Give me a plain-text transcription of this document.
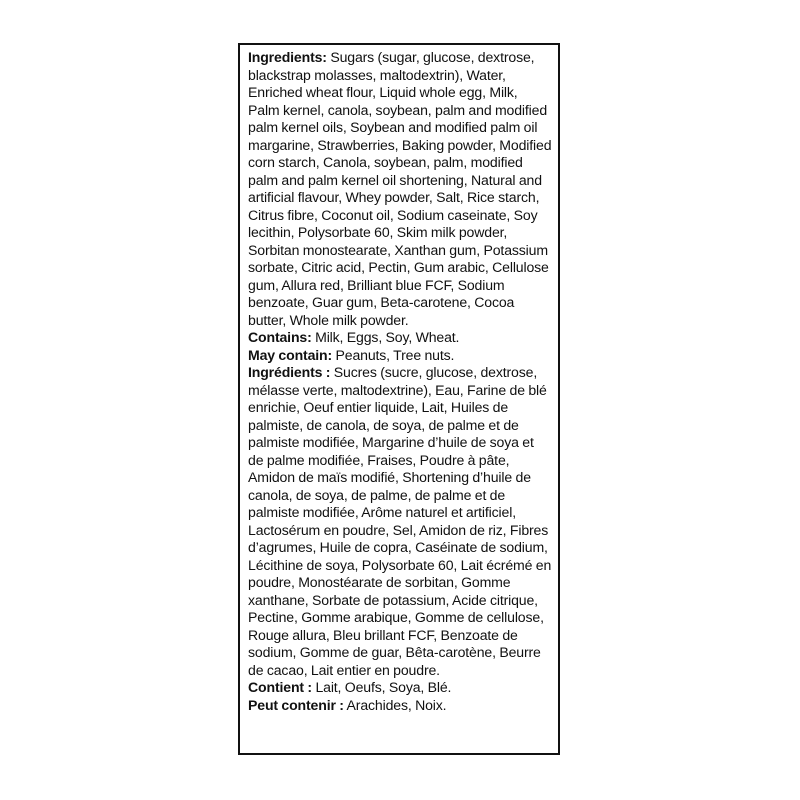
Ingredients: Sugars (sugar, glucose, dextrose, blackstrap molasses, maltodextrin), Water, Enriched wheat flour, Liquid whole egg, Milk, Palm kernel, canola, soybean, palm and modified palm kernel oils, Soybean and modified palm oil margarine, Strawberries, Baking powder, Modified corn starch, Canola, soybean, palm, modified palm and palm kernel oil shortening, Natural and artificial flavour, Whey powder, Salt, Rice starch, Citrus fibre, Coconut oil, Sodium caseinate, Soy lecithin, Polysorbate 60, Skim milk powder, Sorbitan monostearate, Xanthan gum, Potassium sorbate, Citric acid, Pectin, Gum arabic, Cellulose gum, Allura red, Brilliant blue FCF, Sodium benzoate, Guar gum, Beta-carotene, Cocoa butter, Whole milk powder.

Contains: Milk, Eggs, Soy, Wheat.

May contain: Peanuts, Tree nuts.

Ingrédients : Sucres (sucre, glucose, dextrose, mélasse verte, maltodextrine), Eau, Farine de blé enrichie, Oeuf entier liquide, Lait, Huiles de palmiste, de canola, de soya, de palme et de palmiste modifiée, Margarine d’huile de soya et de palme modifiée, Fraises, Poudre à pâte, Amidon de maïs modifié, Shortening d’huile de canola, de soya, de palme, de palme et de palmiste modifiée, Arôme naturel et artificiel, Lactosérum en poudre, Sel, Amidon de riz, Fibres d’agrumes, Huile de copra, Caséinate de sodium, Lécithine de soya, Polysorbate 60, Lait écrémé en poudre, Monostéarate de sorbitan, Gomme xanthane, Sorbate de potassium, Acide citrique, Pectine, Gomme arabique, Gomme de cellulose, Rouge allura, Bleu brillant FCF, Benzoate de sodium, Gomme de guar, Bêta-carotène, Beurre de cacao, Lait entier en poudre.

Contient : Lait, Oeufs, Soya, Blé.

Peut contenir : Arachides, Noix.
